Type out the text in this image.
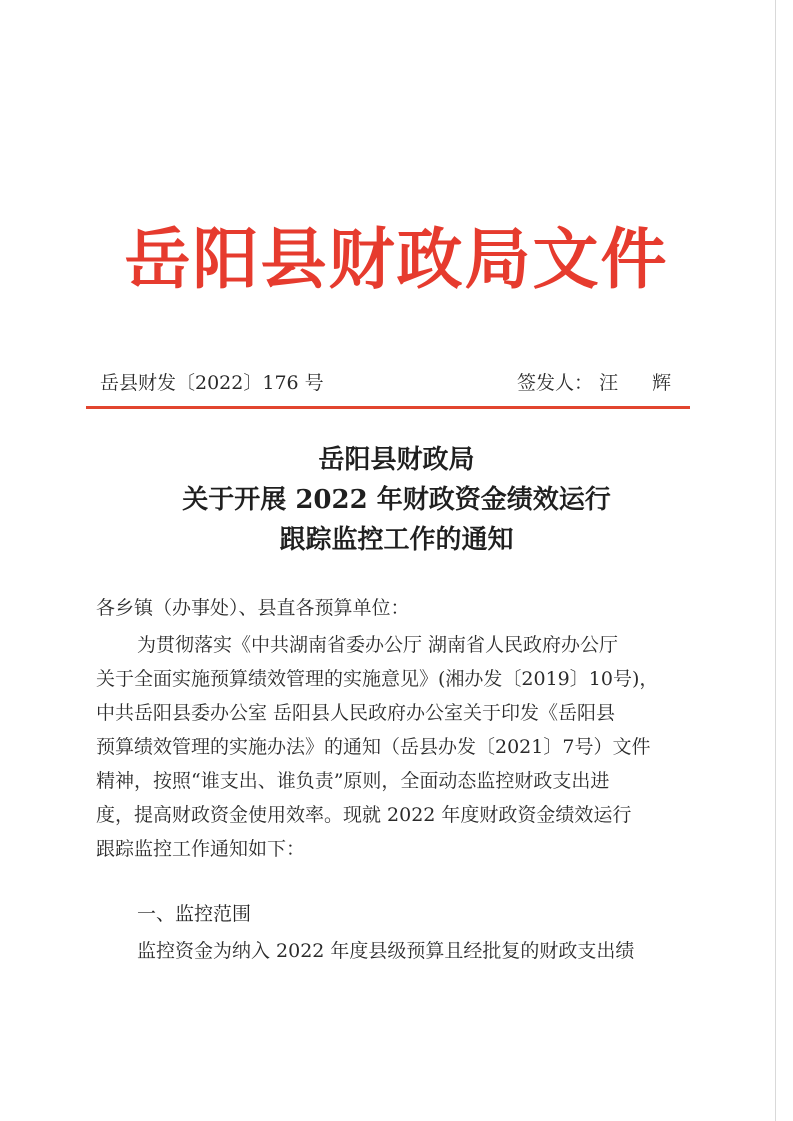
岳阳县财政局文件
岳县财发〔2022〕176 号	签发人： 汪 辉
岳阳县财政局
关于开展 2022 年财政资金绩效运行
跟踪监控工作的通知
各乡镇（办事处）、县直各预算单位：
为贯彻落实《中共湖南省委办公厅 湖南省人民政府办公厅
关于全面实施预算绩效管理的实施意见》(湘办发〔2019〕10号)，
中共岳阳县委办公室 岳阳县人民政府办公室关于印发《岳阳县
预算绩效管理的实施办法》的通知（岳县办发〔2021〕7号）文件
精神，按照“谁支出、谁负责”原则，全面动态监控财政支出进
度，提高财政资金使用效率。现就 2022 年度财政资金绩效运行
跟踪监控工作通知如下：
一、监控范围
监控资金为纳入 2022 年度县级预算且经批复的财政支出绩
